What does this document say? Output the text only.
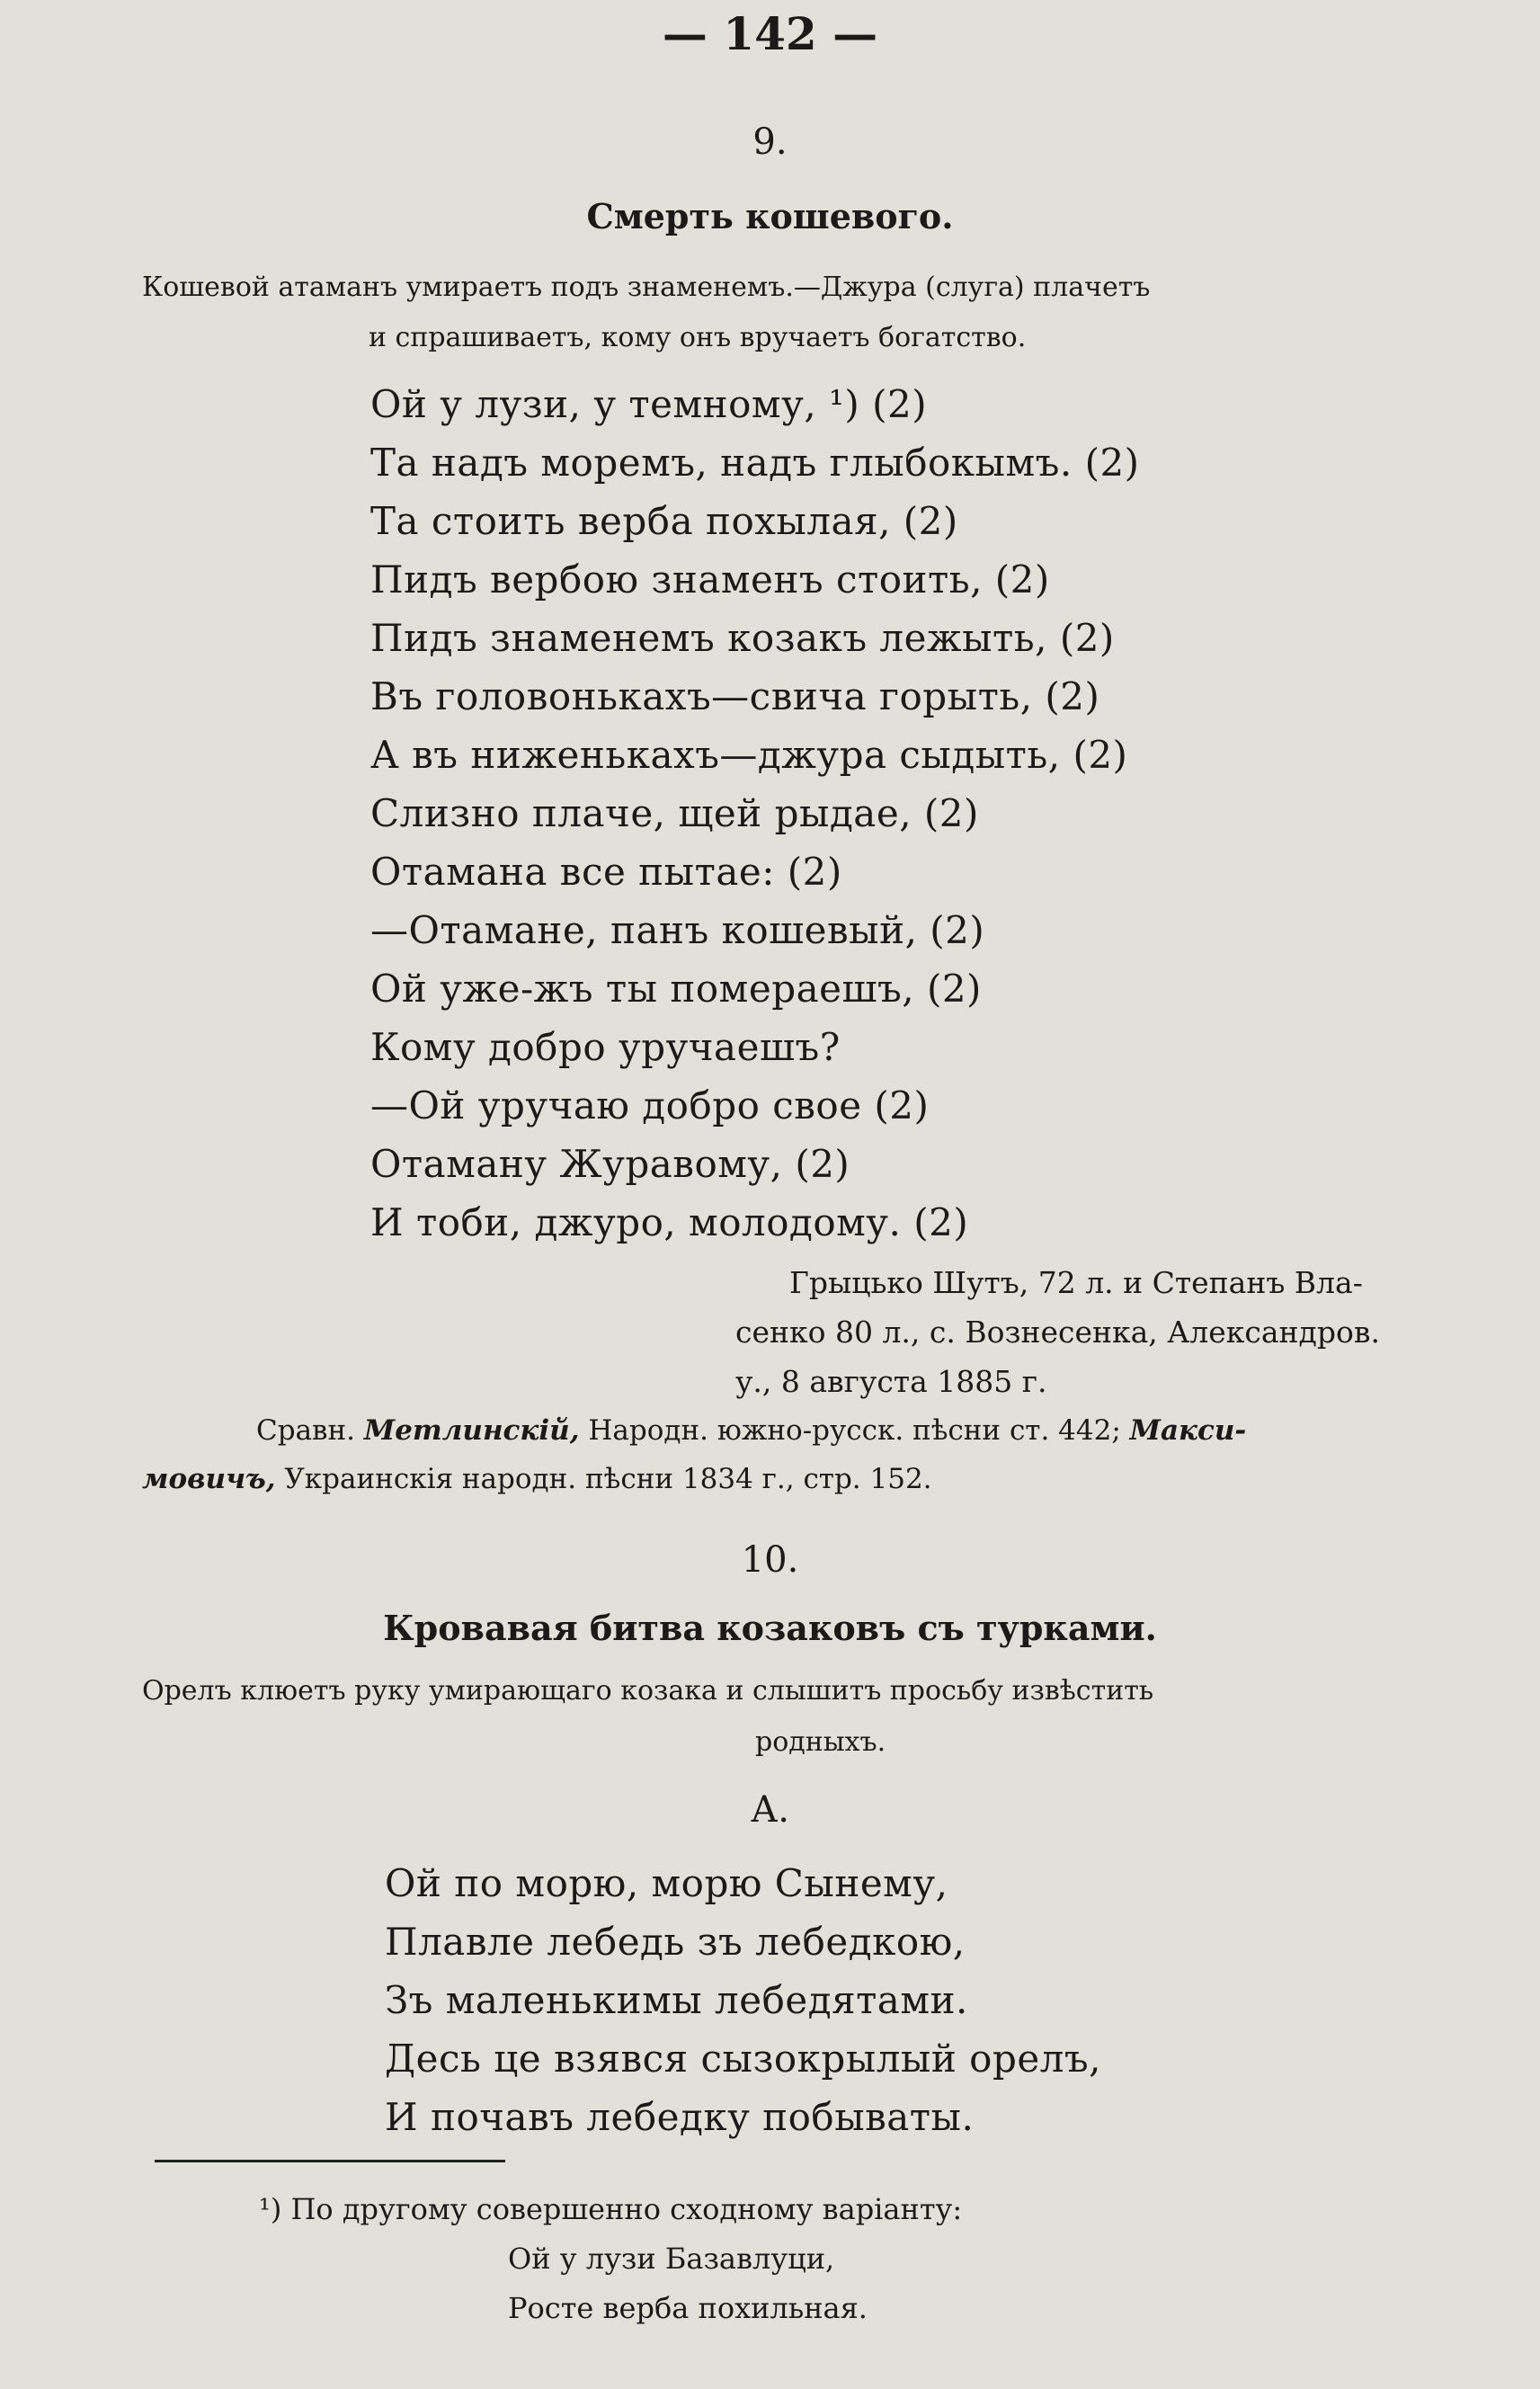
— 142 —
9.
Смерть кошевого.
Кошевой атаманъ умираетъ подъ знаменемъ.—Джура (слуга) плачетъ
и спрашиваетъ, кому онъ вручаетъ богатство.
Ой у лузи, у темному, ¹) (2)
Та надъ моремъ, надъ глыбокымъ. (2)
Та стоить верба похылая, (2)
Пидъ вербою знаменъ стоить, (2)
Пидъ знаменемъ козакъ лежыть, (2)
Въ головонькахъ—свича горыть, (2)
А въ ниженькахъ—джура сыдыть, (2)
Слизно плаче, щей рыдае, (2)
Отамана все пытае: (2)
—Отамане, панъ кошевый, (2)
Ой уже-жъ ты помераешъ, (2)
Кому добро уручаешъ?
—Ой уручаю добро свое (2)
Отаману Журавому, (2)
И тоби, джуро, молодому. (2)
Грыцько Шутъ, 72 л. и Степанъ Вла-
сенко 80 л., с. Вознесенка, Александров.
у., 8 августа 1885 г.
Сравн. Метлинскій, Народн. южно-русск. пѣсни ст. 442; Макси-
мовичъ, Украинскія народн. пѣсни 1834 г., стр. 152.
10.
Кровавая битва козаковъ съ турками.
Орелъ клюетъ руку умирающаго козака и слышитъ просьбу извѣстить
родныхъ.
А.
Ой по морю, морю Сынему,
Плавле лебедь зъ лебедкою,
Зъ маленькимы лебедятами.
Десь це взявся сызокрылый орелъ,
И почавъ лебедку побываты.
¹) По другому совершенно сходному варіанту:
Ой у лузи Базавлуци,
Росте верба похильная.
